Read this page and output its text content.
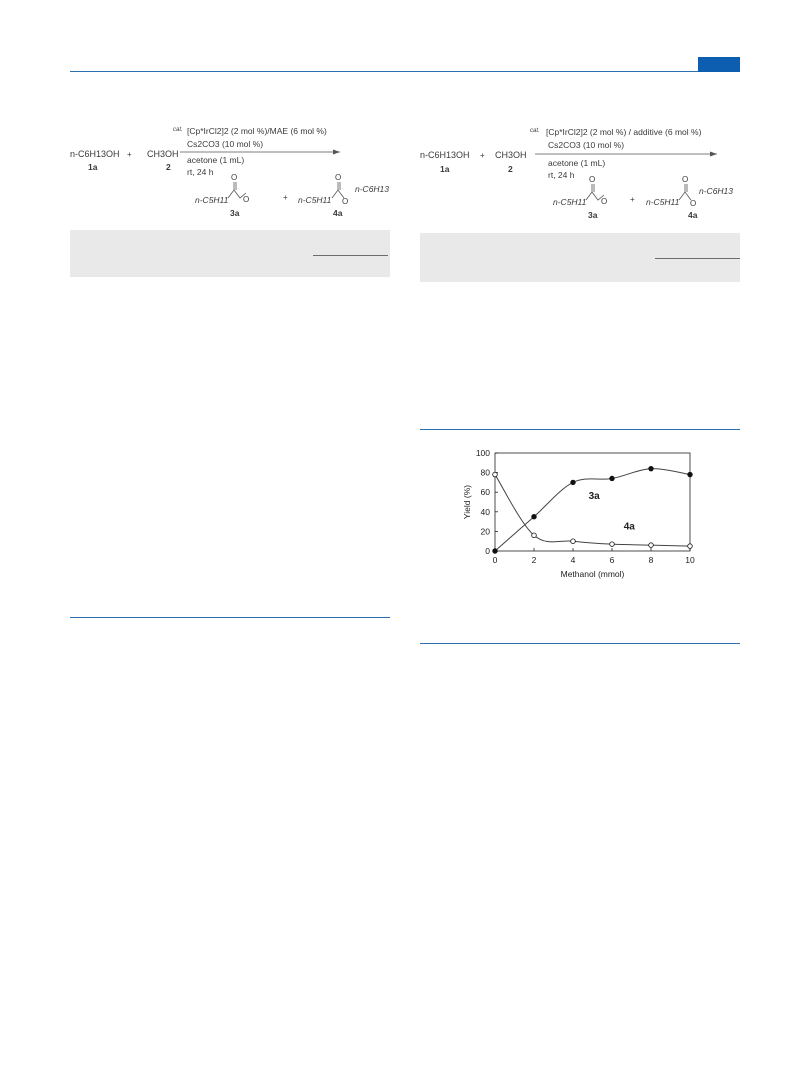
n-C6H13OH
1a
+ CH3OH
2
cat. [Cp*IrCl2]2 (2 mol %)/MAE (6 mol %)
Cs2CO3 (10 mol %)
acetone (1 mL)
rt, 24 h
n-C5H11
O
O
3a
+ n-C5H11
O
O
n-C6H13
4a
n-C6H13OH
1a
+ CH3OH
2
cat. [Cp*IrCl2]2 (2 mol %) / additive (6 mol %)
Cs2CO3 (10 mol %)
acetone (1 mL)
rt, 24 h
n-C5H11
O
O
3a
+ n-C5H11
O
O
n-C6H13
4a
0	2	4	6	8	10
0
20
40
60
80
100
Methanol (mmol)
Yield (%)	3a
4a
